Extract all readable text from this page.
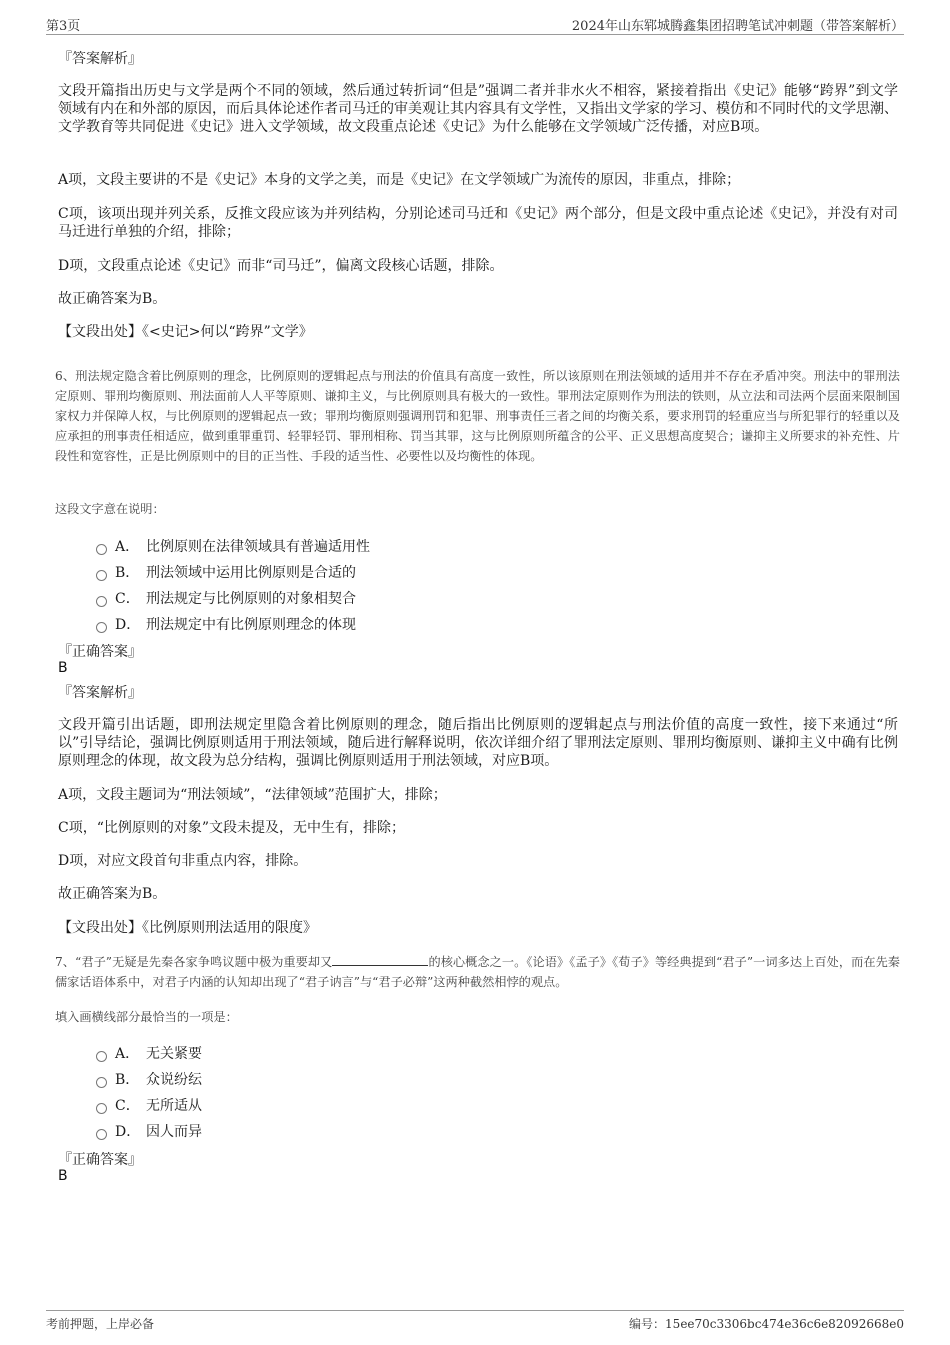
第3页	2024年山东郓城腾鑫集团招聘笔试冲刺题（带答案解析）
『答案解析』
文段开篇指出历史与文学是两个不同的领域，然后通过转折词“但是”强调二者并非水火不相容，紧接着指出《史记》能够“跨界”到文学领域有内在和外部的原因，而后具体论述作者司马迁的审美观让其内容具有文学性，又指出文学家的学习、模仿和不同时代的文学思潮、文学教育等共同促进《史记》进入文学领域，故文段重点论述《史记》为什么能够在文学领域广泛传播，对应B项。
A项，文段主要讲的不是《史记》本身的文学之美，而是《史记》在文学领域广为流传的原因，非重点，排除；
C项，该项出现并列关系，反推文段应该为并列结构，分别论述司马迁和《史记》两个部分，但是文段中重点论述《史记》，并没有对司马迁进行单独的介绍，排除；
D项，文段重点论述《史记》而非“司马迁”，偏离文段核心话题，排除。
故正确答案为B。
【文段出处】《<史记>何以“跨界”文学》
6、刑法规定隐含着比例原则的理念，比例原则的逻辑起点与刑法的价值具有高度一致性，所以该原则在刑法领域的适用并不存在矛盾冲突。刑法中的罪刑法定原则、罪刑均衡原则、刑法面前人人平等原则、谦抑主义，与比例原则具有极大的一致性。罪刑法定原则作为刑法的铁则，从立法和司法两个层面来限制国家权力并保障人权，与比例原则的逻辑起点一致；罪刑均衡原则强调刑罚和犯罪、刑事责任三者之间的均衡关系，要求刑罚的轻重应当与所犯罪行的轻重以及应承担的刑事责任相适应，做到重罪重罚、轻罪轻罚、罪刑相称、罚当其罪，这与比例原则所蕴含的公平、正义思想高度契合；谦抑主义所要求的补充性、片段性和宽容性，正是比例原则中的目的正当性、手段的适当性、必要性以及均衡性的体现。
这段文字意在说明：
A． 比例原则在法律领域具有普遍适用性
B． 刑法领域中运用比例原则是合适的
C． 刑法规定与比例原则的对象相契合
D． 刑法规定中有比例原则理念的体现
『正确答案』
B
『答案解析』
文段开篇引出话题，即刑法规定里隐含着比例原则的理念，随后指出比例原则的逻辑起点与刑法价值的高度一致性，接下来通过“所以”引导结论，强调比例原则适用于刑法领域，随后进行解释说明，依次详细介绍了罪刑法定原则、罪刑均衡原则、谦抑主义中确有比例原则理念的体现，故文段为总分结构，强调比例原则适用于刑法领域，对应B项。
A项，文段主题词为“刑法领域”，“法律领域”范围扩大，排除；
C项，“比例原则的对象”文段未提及，无中生有，排除；
D项，对应文段首句非重点内容，排除。
故正确答案为B。
【文段出处】《比例原则刑法适用的限度》
7、“君子”无疑是先秦各家争鸣议题中极为重要却又	的核心概念之一。《论语》《孟子》《荀子》等经典提到“君子”一词多达上百处，而在先秦儒家话语体系中，对君子内涵的认知却出现了“君子讷言”与“君子必辩”这两种截然相悖的观点。
填入画横线部分最恰当的一项是：
A． 无关紧要
B． 众说纷纭
C． 无所适从
D． 因人而异
『正确答案』
B
考前押题，上岸必备	编号：15ee70c3306bc474e36c6e82092668e0
